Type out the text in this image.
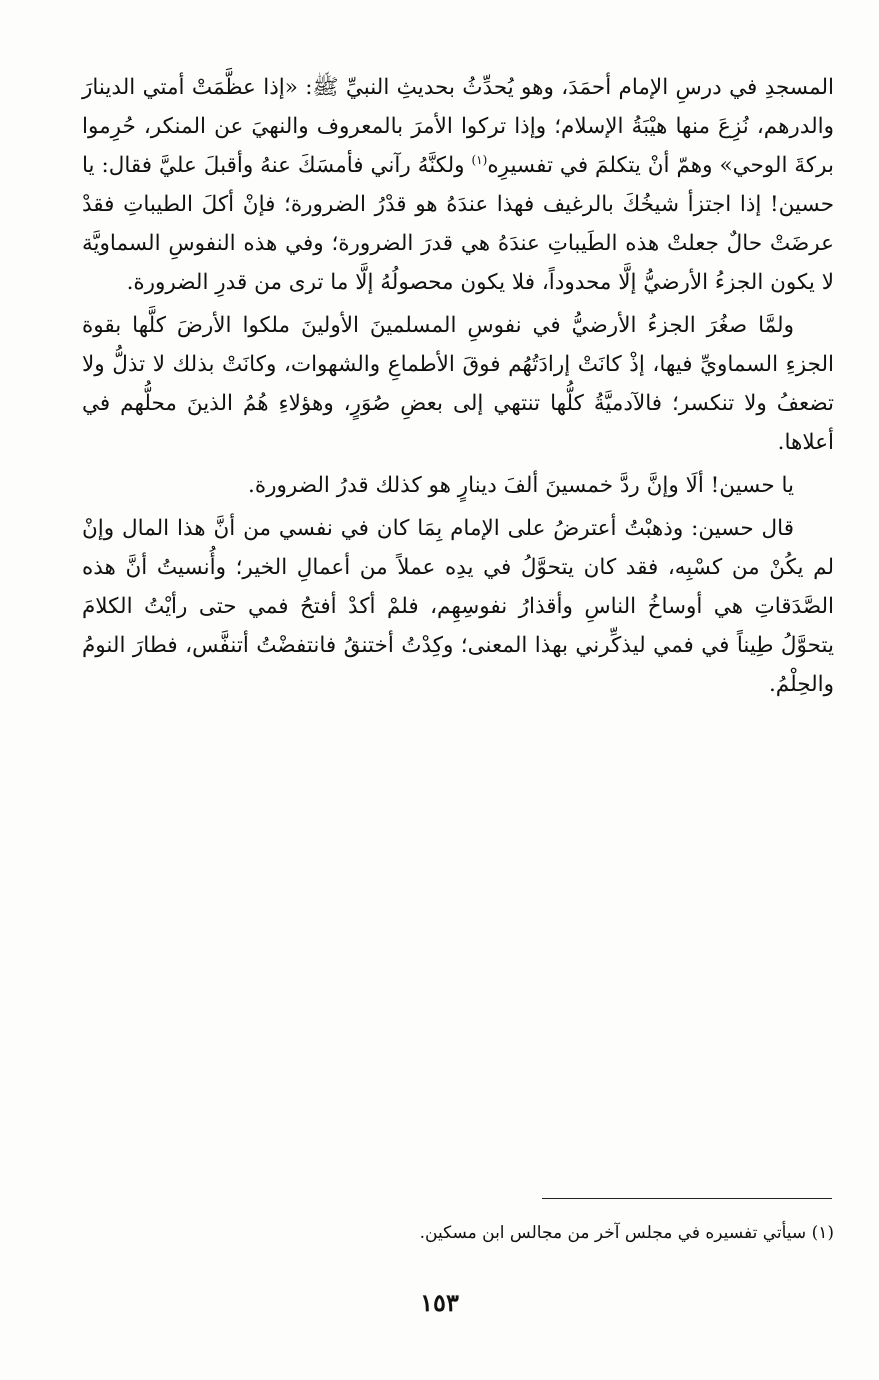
المسجدِ في درسِ الإمام أحمَدَ، وهو يُحدِّثُ بحديثِ النبيِّ ﷺ: «إذا عظَّمَتْ أمتي الدينارَ والدرهم، نُزِعَ منها هيْبَةُ الإسلام؛ وإذا تركوا الأمرَ بالمعروف والنهيَ عن المنكر، حُرِموا بركةَ الوحي» وهمّ أنْ يتكلمَ في تفسيرِه$^{(١)}$ ولكنَّهُ رآني فأمسَكَ عنهُ وأقبلَ عليَّ فقال: يا حسين! إذا اجتزأ شيخُكَ بالرغيف فهذا عندَهُ هو قدْرُ الضرورة؛ فإنْ أكلَ الطيباتِ فقدْ عرضَتْ حالٌ جعلتْ هذه الطَيباتِ عندَهُ هي قدرَ الضرورة؛ وفي هذه النفوسِ السماويَّة لا يكون الجزءُ الأرضيُّ إلَّا محدوداً، فلا يكون محصولُهُ إلَّا ما ترى من قدرِ الضرورة.

ولمَّا صغُرَ الجزءُ الأرضيُّ في نفوسِ المسلمينَ الأولينَ ملكوا الأرضَ كلَّها بقوة الجزءِ السماويِّ فيها، إذْ كانَتْ إرادَتُهُم فوقَ الأطماعِ والشهوات، وكانَتْ بذلك لا تذلُّ ولا تضعفُ ولا تنكسر؛ فالآدميَّةُ كلُّها تنتهي إلى بعضِ صُوَرٍ، وهؤلاءِ هُمُ الذينَ محلُّهم في أعلاها.

يا حسين! ألَا وإنَّ ردَّ خمسينَ ألفَ دينارٍ هو كذلك قدرُ الضرورة.

قال حسين: وذهبْتُ أعترضُ على الإمام بِمَا كان في نفسي من أنَّ هذا المال وإنْ لم يكُنْ من كسْبِه، فقد كان يتحوَّلُ في يدِه عملاً من أعمالِ الخير؛ وأُنسيتُ أنَّ هذه الصَّدَقاتِ هي أوساخُ الناسِ وأقذارُ نفوسِهِم، فلمْ أكدْ أفتحُ فمي حتى رأيْتُ الكلامَ يتحوَّلُ طِيناً في فمي ليذكِّرني بهذا المعنى؛ وكِدْتُ أختنقُ فانتفضْتُ أتنفَّس، فطارَ النومُ والحِلْمُ.

(١) سيأتي تفسيره في مجلس آخر من مجالس ابن مسكين.
١٥٣
